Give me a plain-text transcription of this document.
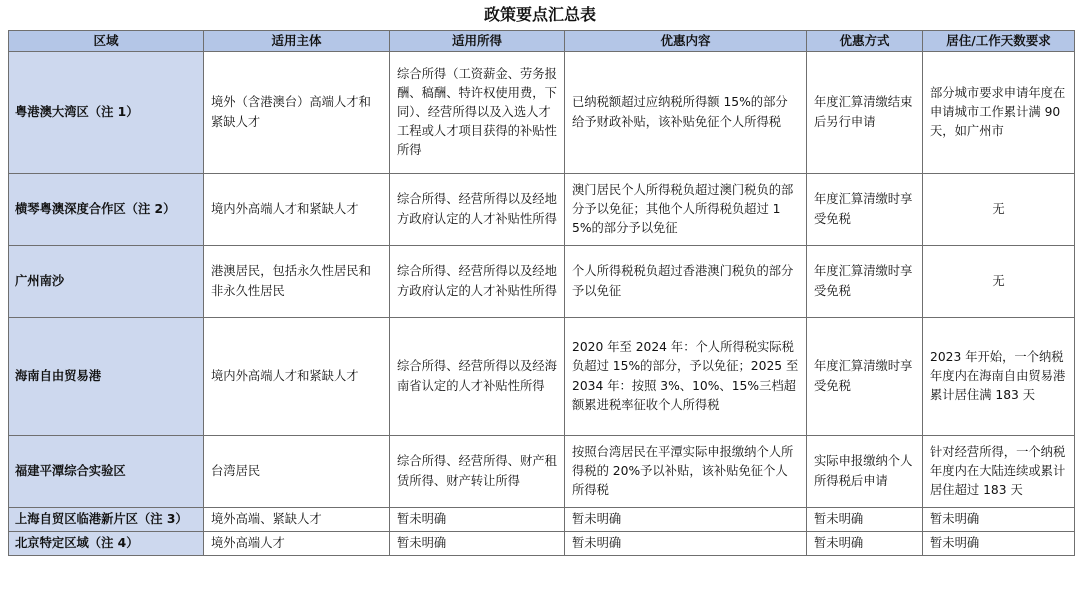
政策要点汇总表
区域	适用主体	适用所得	优惠内容	优惠方式	居住/工作天数要求
粤港澳大湾区（注 1）	境外（含港澳台）高端人才和紧缺人才	综合所得（工资薪金、劳务报酬、稿酬、特许权使用费，下同）、经营所得以及入选人才工程或人才项目获得的补贴性所得	已纳税额超过应纳税所得额 15%的部分给予财政补贴，该补贴免征个人所得税	年度汇算清缴结束后另行申请	部分城市要求申请年度在申请城市工作累计满 90 天，如广州市
横琴粤澳深度合作区（注 2）	境内外高端人才和紧缺人才	综合所得、经营所得以及经地方政府认定的人才补贴性所得	澳门居民个人所得税负超过澳门税负的部分予以免征；其他个人所得税负超过 15%的部分予以免征	年度汇算清缴时享受免税	无
广州南沙	港澳居民，包括永久性居民和非永久性居民	综合所得、经营所得以及经地方政府认定的人才补贴性所得	个人所得税税负超过香港澳门税负的部分予以免征	年度汇算清缴时享受免税	无
海南自由贸易港	境内外高端人才和紧缺人才	综合所得、经营所得以及经海南省认定的人才补贴性所得	2020 年至 2024 年：个人所得税实际税负超过 15%的部分，予以免征；2025 至 2034 年：按照 3%、10%、15%三档超额累进税率征收个人所得税	年度汇算清缴时享受免税	2023 年开始，一个纳税年度内在海南自由贸易港累计居住满 183 天
福建平潭综合实验区	台湾居民	综合所得、经营所得、财产租赁所得、财产转让所得	按照台湾居民在平潭实际申报缴纳个人所得税的 20%予以补贴，该补贴免征个人所得税	实际申报缴纳个人所得税后申请	针对经营所得，一个纳税年度内在大陆连续或累计居住超过 183 天
上海自贸区临港新片区（注 3）	境外高端、紧缺人才	暂未明确	暂未明确	暂未明确	暂未明确
北京特定区域（注 4）	境外高端人才	暂未明确	暂未明确	暂未明确	暂未明确
